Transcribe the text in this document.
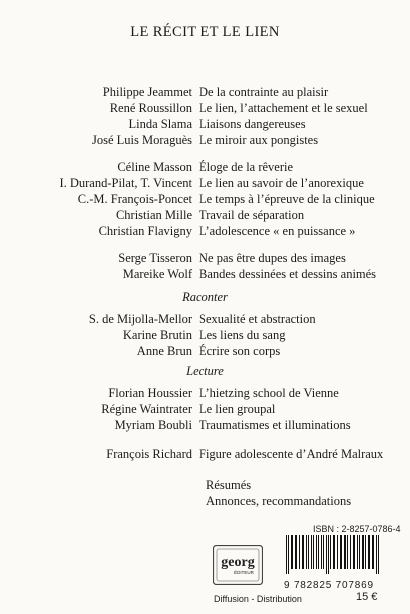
LE RÉCIT ET LE LIEN
Philippe Jeammet De la contrainte au plaisir
René Roussillon Le lien, l’attachement et le sexuel
Linda Slama Liaisons dangereuses
José Luis Moraguès Le miroir aux pongistes
Céline Masson Éloge de la rêverie
I. Durand-Pilat, T. Vincent Le lien au savoir de l’anorexique
C.-M. François-Poncet Le temps à l’épreuve de la clinique
Christian Mille Travail de séparation
Christian Flavigny L’adolescence « en puissance »
Serge Tisseron Ne pas être dupes des images
Mareike Wolf Bandes dessinées et dessins animés
Raconter
S. de Mijolla-Mellor Sexualité et abstraction
Karine Brutin Les liens du sang
Anne Brun Écrire son corps
Lecture
Florian Houssier L’hietzing school de Vienne
Régine Waintrater Le lien groupal
Myriam Boubli Traumatismes et illuminations
François Richard Figure adolescente d’André Malraux
Résumés
Annonces, recommandations
ISBN : 2-8257-0786-4
georg
ÉDITEUR
9 782825 707869
Diffusion - Distribution	15 €
